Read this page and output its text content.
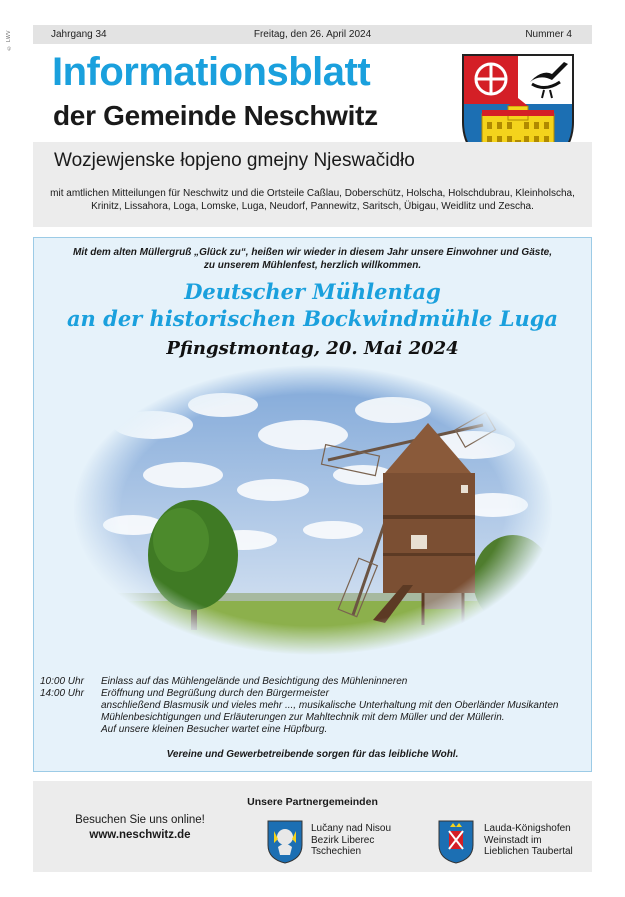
© LWV	Jahrgang 34	Freitag, den 26. April 2024	Nummer 4
Informationsblatt
der Gemeinde Neschwitz
Wozjewjenske łopjeno gmejny Njeswačidło
mit amtlichen Mitteilungen für Neschwitz und die Ortsteile Caßlau, Doberschütz, Holscha, Holschdubrau, Kleinholscha, Krinitz, Lissahora, Loga, Lomske, Luga, Neudorf, Pannewitz, Saritsch, Übigau, Weidlitz und Zescha.
Mit dem alten Müllergruß „Glück zu“, heißen wir wieder in diesem Jahr unsere Einwohner und Gäste,
zu unserem Mühlenfest, herzlich willkommen.
Deutscher Mühlentag
an der historischen Bockwindmühle Luga
Pfingstmontag, 20. Mai 2024
10:00 Uhr	Einlass auf das Mühlengelände und Besichtigung des Mühleninneren
14:00 Uhr	Eröffnung und Begrüßung durch den Bürgermeister
anschließend Blasmusik und vieles mehr ..., musikalische Unterhaltung mit den Oberländer Musikanten
Mühlenbesichtigungen und Erläuterungen zur Mahltechnik mit dem Müller und der Müllerin.
Auf unsere kleinen Besucher wartet eine Hüpfburg.
Vereine und Gewerbetreibende sorgen für das leibliche Wohl.
Unsere Partnergemeinden
Besuchen Sie uns online!
www.neschwitz.de
Lučany nad Nisou
Bezirk Liberec
Tschechien
Lauda-Königshofen
Weinstadt im
Lieblichen Taubertal
